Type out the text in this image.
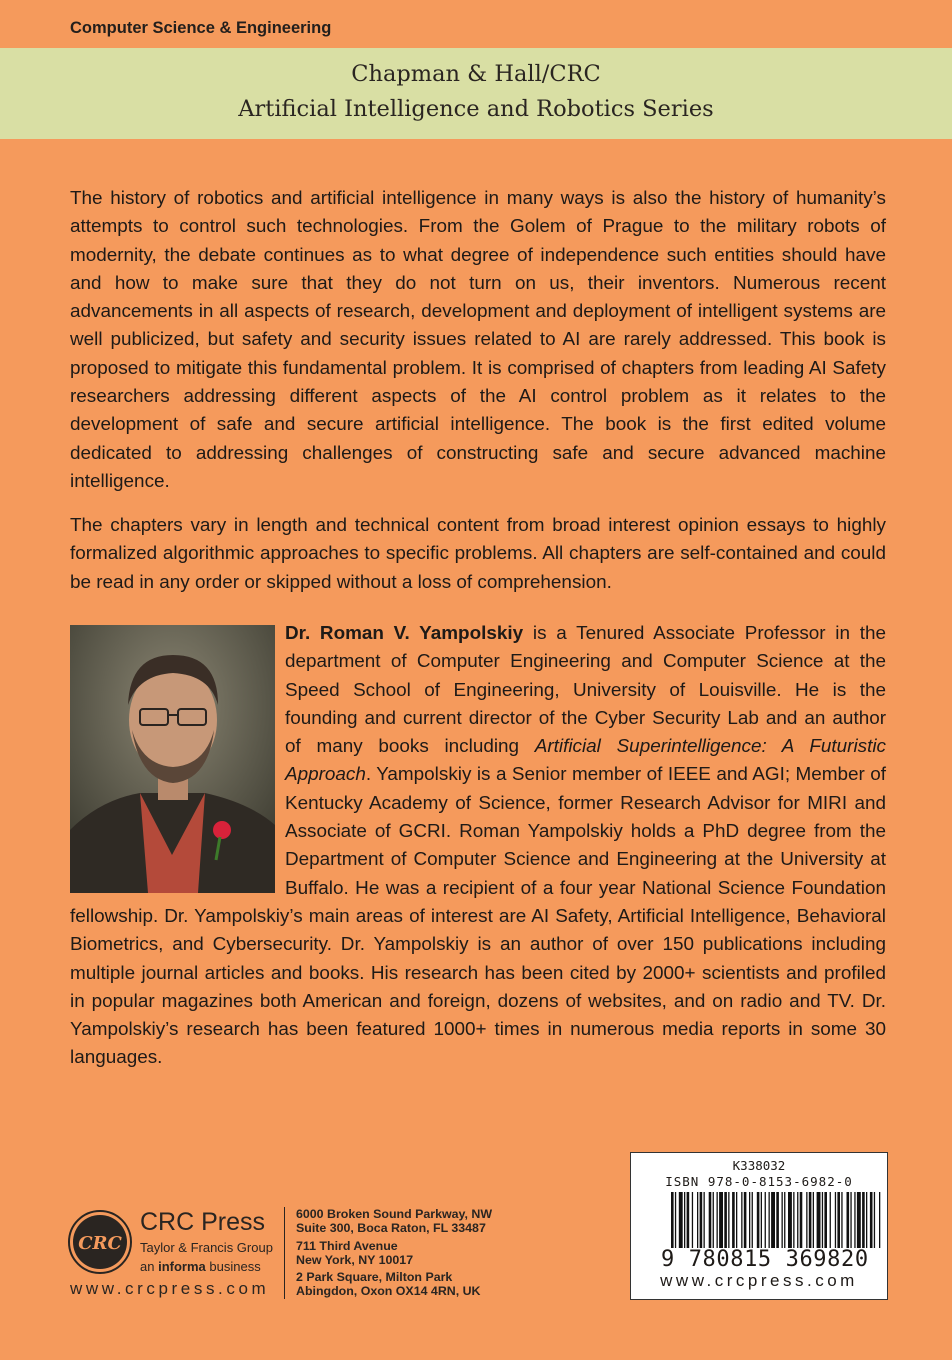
Computer Science & Engineering
Chapman & Hall/CRC
Artificial Intelligence and Robotics Series

The history of robotics and artificial intelligence in many ways is also the history of humanity’s attempts to control such technologies. From the Golem of Prague to the military robots of modernity, the debate continues as to what degree of independence such entities should have and how to make sure that they do not turn on us, their inventors. Numerous recent advancements in all aspects of research, development and deployment of intelligent systems are well publicized, but safety and security issues related to AI are rarely addressed. This book is proposed to mitigate this fundamental problem. It is comprised of chapters from leading AI Safety researchers addressing different aspects of the AI control problem as it relates to the development of safe and secure artificial intelligence. The book is the first edited volume dedicated to addressing challenges of constructing safe and secure advanced machine intelligence.

The chapters vary in length and technical content from broad interest opinion essays to highly formalized algorithmic approaches to specific problems. All chapters are self-contained and could be read in any order or skipped without a loss of comprehension.

Dr. Roman V. Yampolskiy is a Tenured Associate Professor in the department of Computer Engineering and Computer Science at the Speed School of Engineering, University of Louisville. He is the founding and current director of the Cyber Security Lab and an author of many books including Artificial Superintelligence: A Futuristic Approach. Yampolskiy is a Senior member of IEEE and AGI; Member of Kentucky Academy of Science, former Research Advisor for MIRI and Associate of GCRI. Roman Yampolskiy holds a PhD degree from the Department of Computer Science and Engineering at the University at Buffalo. He was a recipient of a four year National Science Foundation fellowship. Dr. Yampolskiy’s main areas of interest are AI Safety, Artificial Intelligence, Behavioral Biometrics, and Cybersecurity. Dr. Yampolskiy is an author of over 150 publications including multiple journal articles and books. His research has been cited by 2000+ scientists and profiled in popular magazines both American and foreign, dozens of websites, and on radio and TV. Dr. Yampolskiy’s research has been featured 1000+ times in numerous media reports in some 30 languages.

CRC
CRC Press
Taylor & Francis Group
an informa business
www.crcpress.com
6000 Broken Sound Parkway, NW
Suite 300, Boca Raton, FL 33487
711 Third Avenue
New York, NY 10017
2 Park Square, Milton Park
Abingdon, Oxon OX14 4RN, UK
K338032
ISBN 978-0-8153-6982-0
9 780815 369820
www.crcpress.com
